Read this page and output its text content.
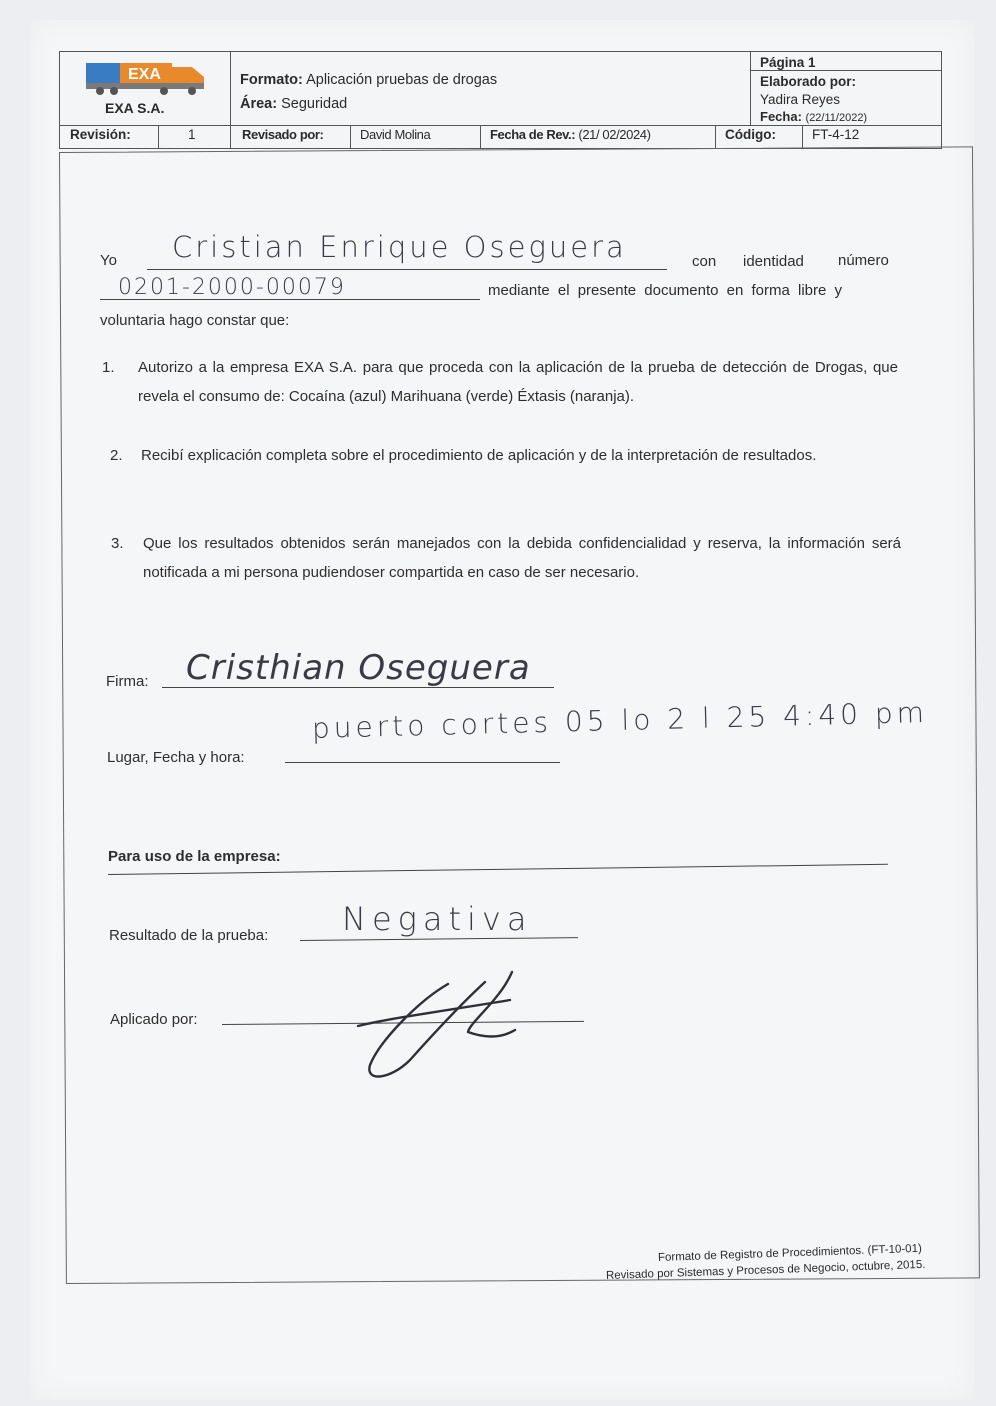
EXA
EXA S.A.
Formato: Aplicación pruebas de drogas
Área: Seguridad
Página 1
Elaborado por:
Yadira Reyes
Fecha: (22/11/2022)
Revisión:	1	Revisado por:	David Molina	Fecha de Rev.: (21/ 02/2024)	Código:	FT-4-12
Yo Cristian Enrique Oseguera	con identidad número
0201-2000-00079	mediante el presente documento en forma libre y
voluntaria hago constar que:
1. Autorizo a la empresa EXA S.A. para que proceda con la aplicación de la prueba de detección de Drogas, que revela el consumo de: Cocaína (azul) Marihuana (verde) Éxtasis (naranja).
2. Recibí explicación completa sobre el procedimiento de aplicación y de la interpretación de resultados.
3. Que los resultados obtenidos serán manejados con la debida confidencialidad y reserva, la información será notificada a mi persona pudiendoser compartida en caso de ser necesario.
Firma: Cristhian Oseguera
Lugar, Fecha y hora:
puerto cortes 05 lo 2 l 25 4:40 pm
Para uso de la empresa:
Resultado de la prueba: Negativa
Aplicado por:
Formato de Registro de Procedimientos. (FT-10-01)
Revisado por Sistemas y Procesos de Negocio, octubre, 2015.
